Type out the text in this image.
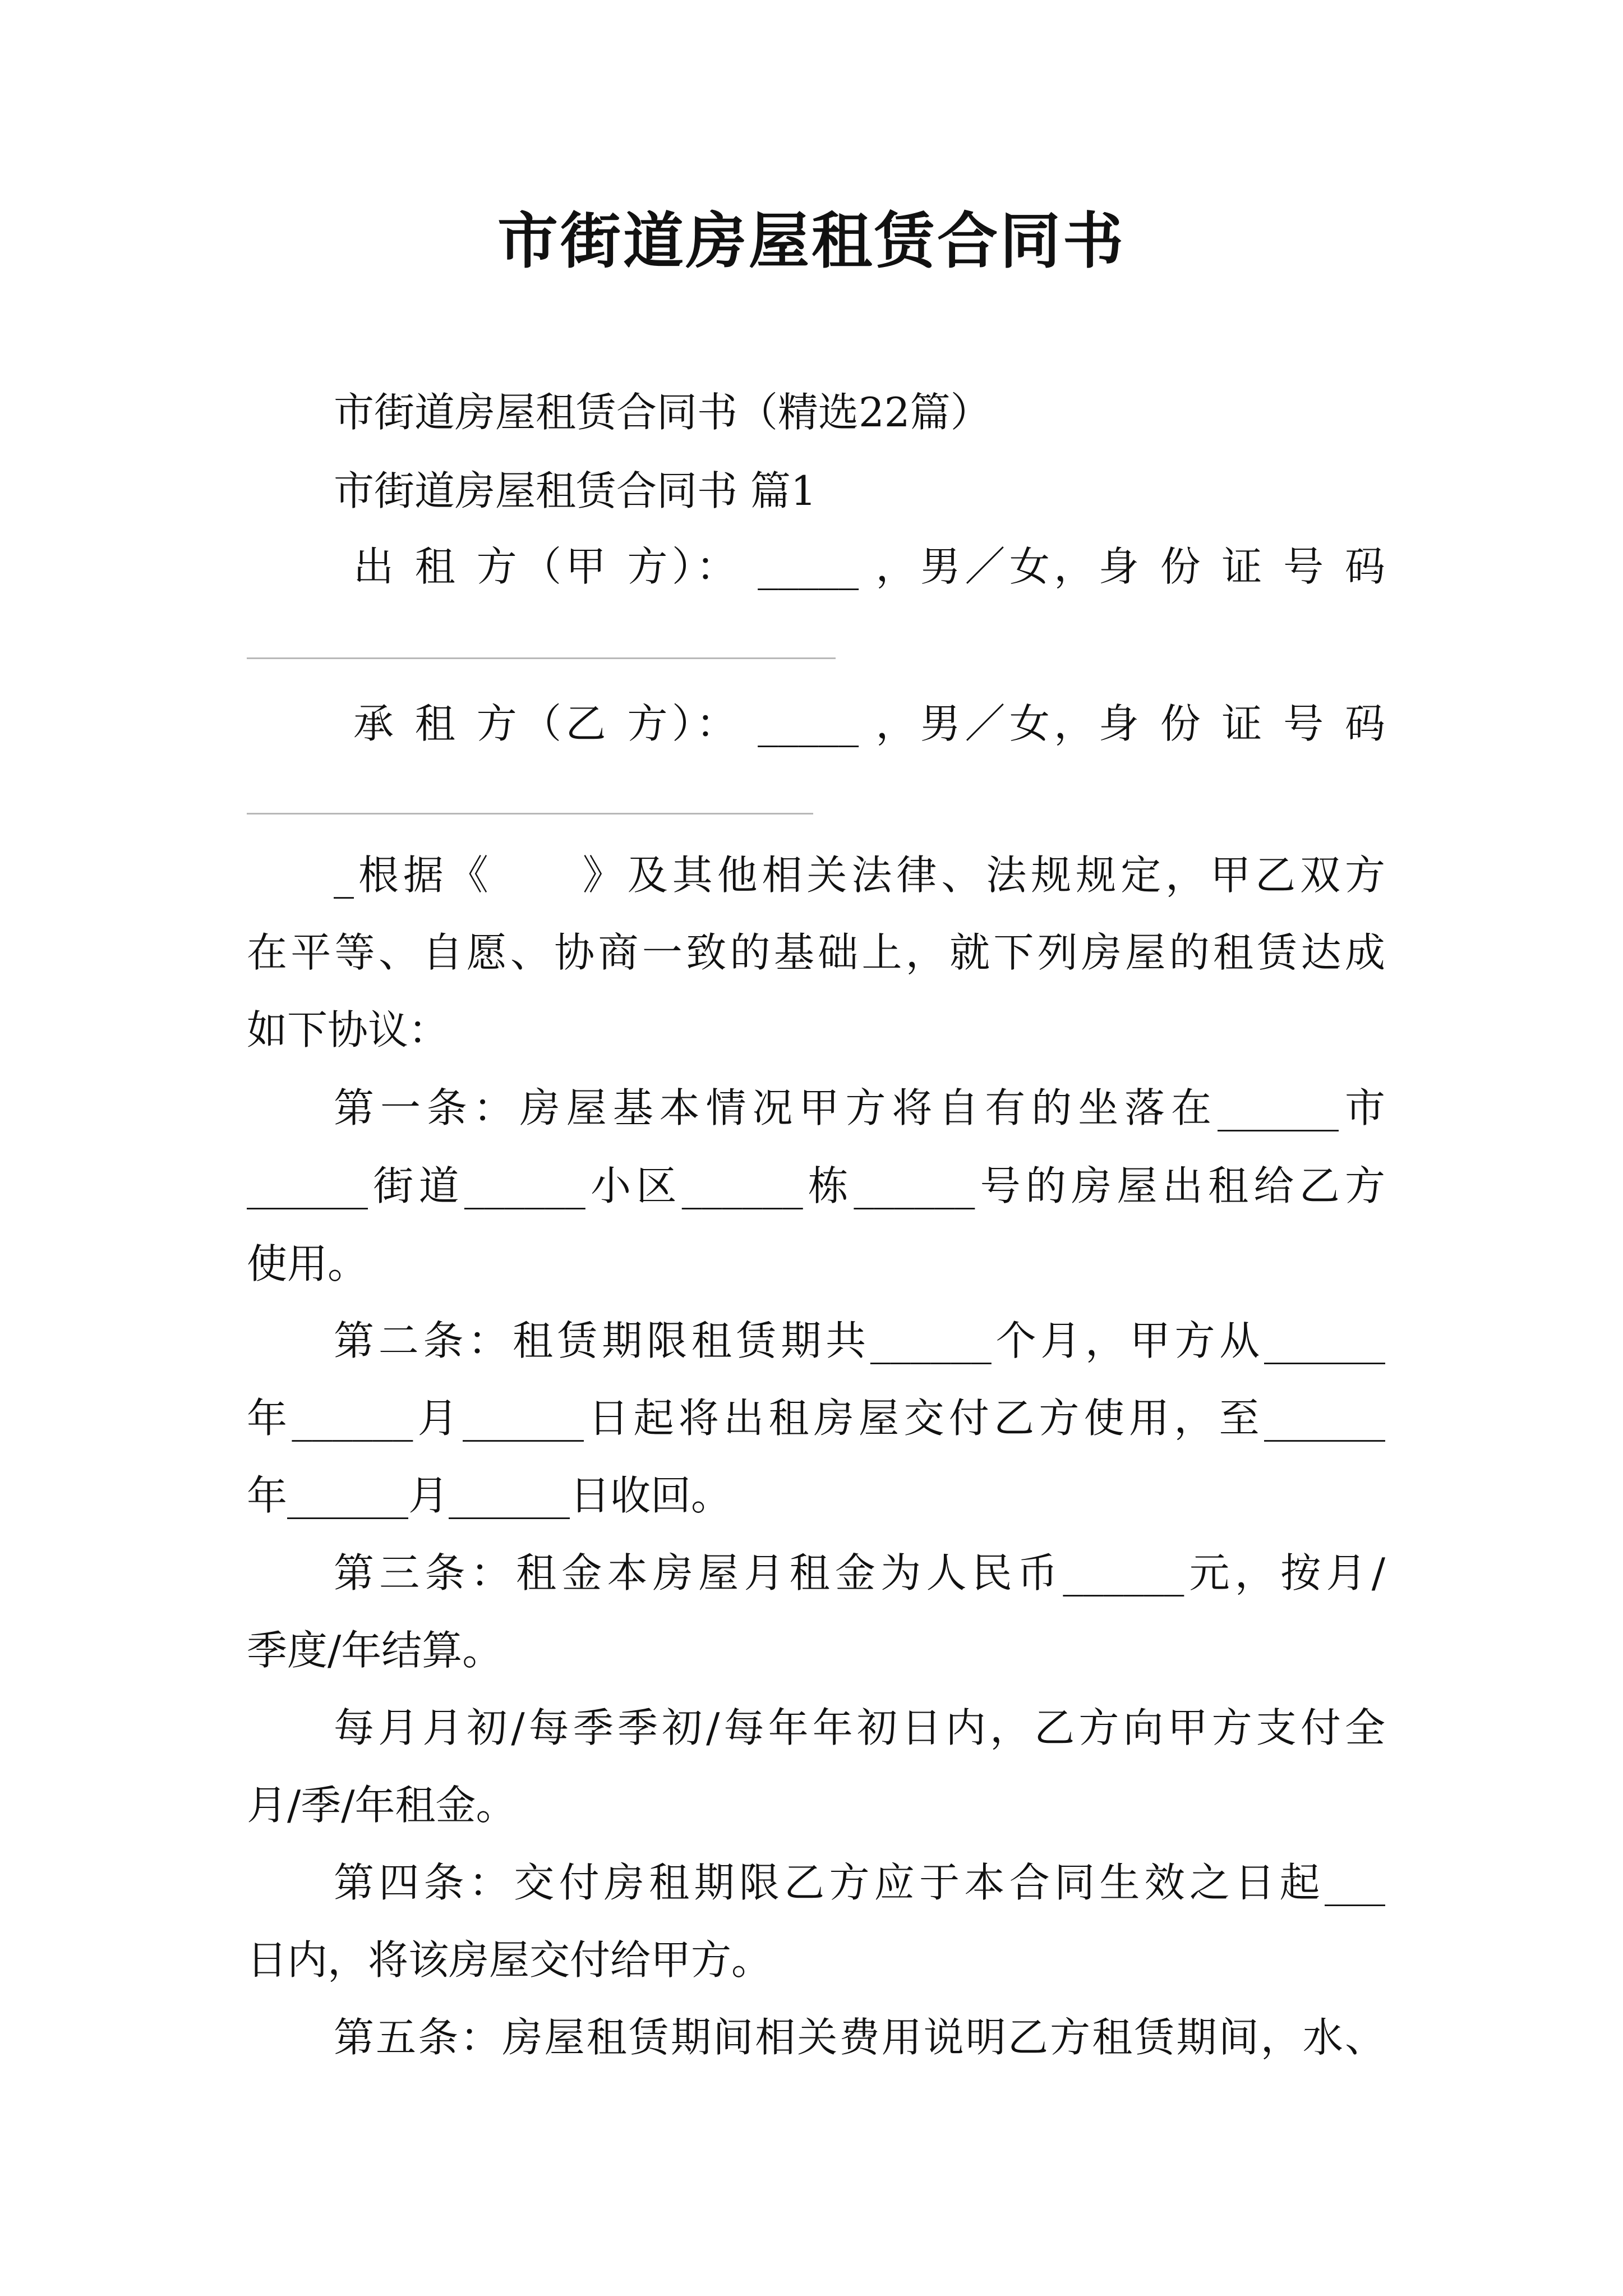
市街道房屋租赁合同书
市街道房屋租赁合同书（精选22篇）
市街道房屋租赁合同书 篇1
出 租 方（甲 方）： _____ ，男／女，身 份 证 号 码
承 租 方（乙 方）： _____ ，男／女，身 份 证 号 码
_根据《　　》及其他相关法律、法规规定，甲乙双方
在平等、自愿、协商一致的基础上，就下列房屋的租赁达成
如下协议：
第一条：房屋基本情况甲方将自有的坐落在______市
______街道______小区______栋______号的房屋出租给乙方
使用。
第二条：租赁期限租赁期共______个月，甲方从______
年______月______日起将出租房屋交付乙方使用，至______
年______月______日收回。
第三条：租金本房屋月租金为人民币______元，按月/
季度/年结算。
每月月初/每季季初/每年年初日内，乙方向甲方支付全
月/季/年租金。
第四条：交付房租期限乙方应于本合同生效之日起___
日内，将该房屋交付给甲方。
第五条：房屋租赁期间相关费用说明乙方租赁期间，水、
